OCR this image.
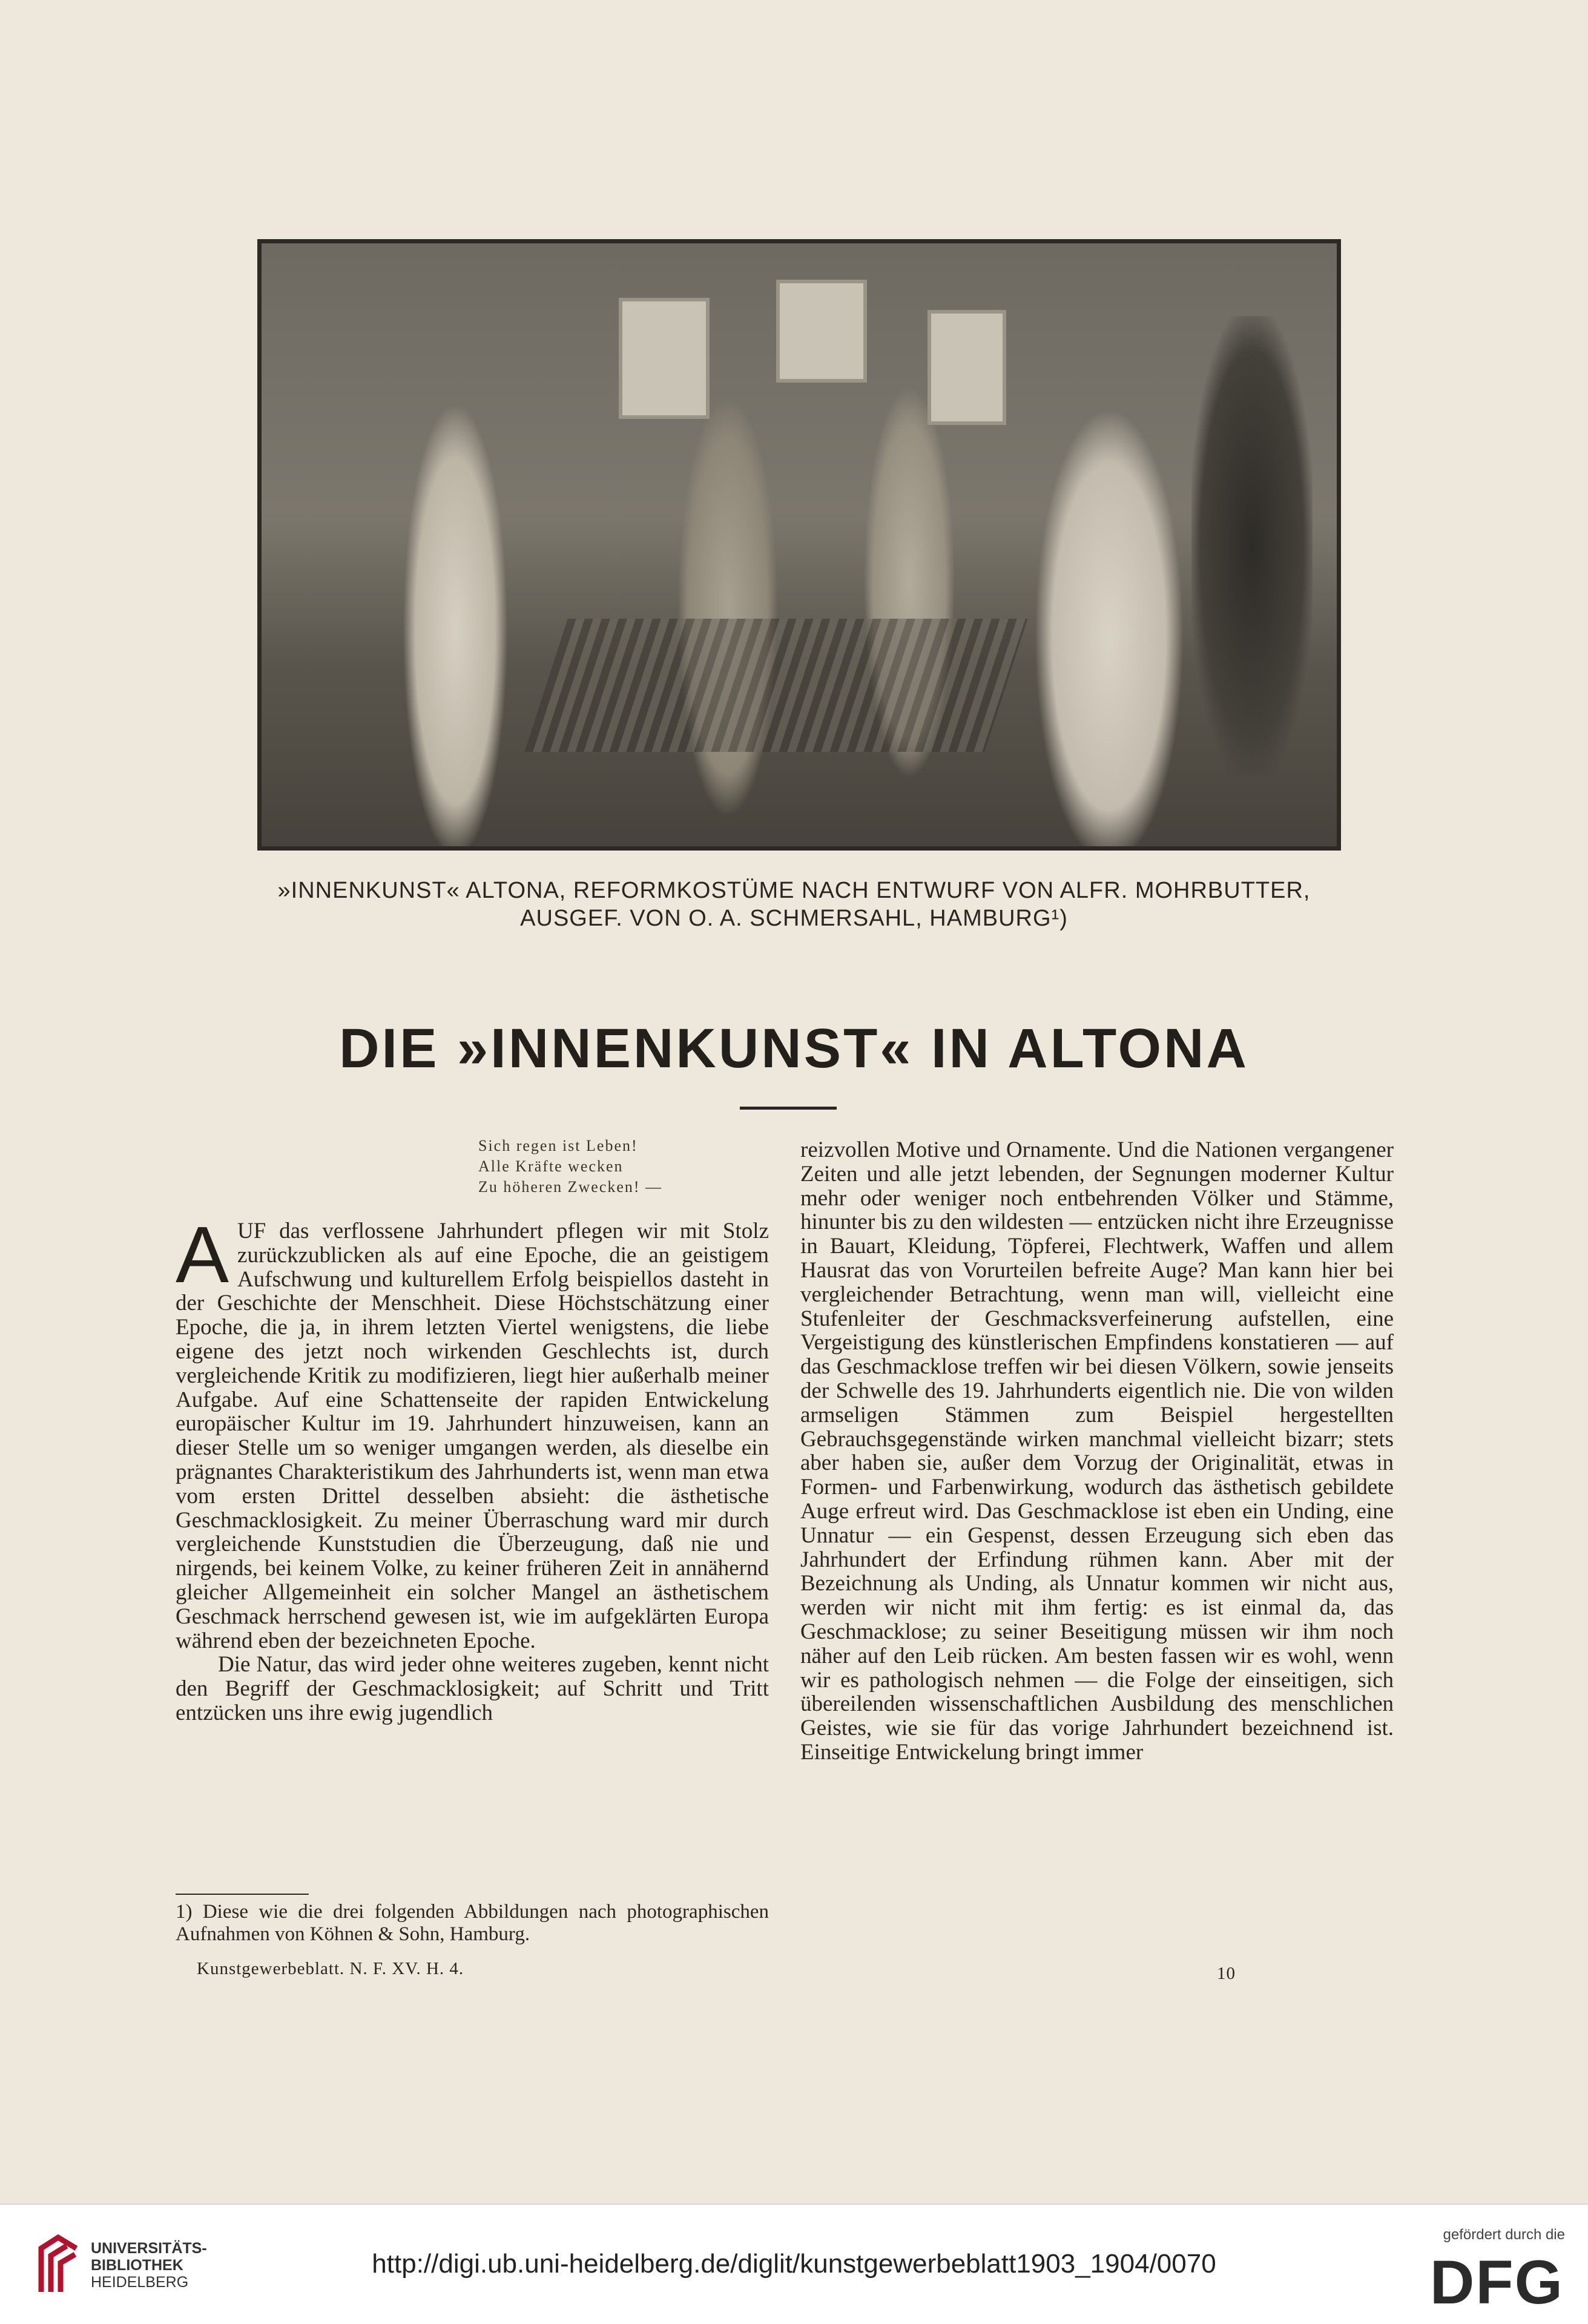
»INNENKUNST« ALTONA, REFORMKOSTÜME NACH ENTWURF VON ALFR. MOHRBUTTER,
AUSGEF. VON O. A. SCHMERSAHL, HAMBURG¹)
DIE »INNENKUNST« IN ALTONA
Sich regen ist Leben!
Alle Kräfte wecken
Zu höheren Zwecken! —

AUF das verflossene Jahrhundert pflegen wir mit Stolz zurückzublicken als auf eine Epoche, die an geistigem Aufschwung und kulturellem Erfolg beispiellos dasteht in der Geschichte der Menschheit. Diese Höchstschätzung einer Epoche, die ja, in ihrem letzten Viertel wenigstens, die liebe eigene des jetzt noch wirkenden Geschlechts ist, durch vergleichende Kritik zu modifizieren, liegt hier außerhalb meiner Aufgabe. Auf eine Schattenseite der rapiden Entwickelung europäischer Kultur im 19. Jahrhundert hinzuweisen, kann an dieser Stelle um so weniger umgangen werden, als dieselbe ein prägnantes Charakteristikum des Jahrhunderts ist, wenn man etwa vom ersten Drittel desselben absieht: die ästhetische Geschmacklosigkeit. Zu meiner Überraschung ward mir durch vergleichende Kunststudien die Überzeugung, daß nie und nirgends, bei keinem Volke, zu keiner früheren Zeit in annähernd gleicher Allgemeinheit ein solcher Mangel an ästhetischem Geschmack herrschend gewesen ist, wie im aufgeklärten Europa während eben der bezeichneten Epoche.

Die Natur, das wird jeder ohne weiteres zugeben, kennt nicht den Begriff der Geschmacklosigkeit; auf Schritt und Tritt entzücken uns ihre ewig jugendlich

reizvollen Motive und Ornamente. Und die Nationen vergangener Zeiten und alle jetzt lebenden, der Segnungen moderner Kultur mehr oder weniger noch entbehrenden Völker und Stämme, hinunter bis zu den wildesten — entzücken nicht ihre Erzeugnisse in Bauart, Kleidung, Töpferei, Flechtwerk, Waffen und allem Hausrat das von Vorurteilen befreite Auge? Man kann hier bei vergleichender Betrachtung, wenn man will, vielleicht eine Stufenleiter der Geschmacksverfeinerung aufstellen, eine Vergeistigung des künstlerischen Empfindens konstatieren — auf das Geschmacklose treffen wir bei diesen Völkern, sowie jenseits der Schwelle des 19. Jahrhunderts eigentlich nie. Die von wilden armseligen Stämmen zum Beispiel hergestellten Gebrauchsgegenstände wirken manchmal vielleicht bizarr; stets aber haben sie, außer dem Vorzug der Originalität, etwas in Formen- und Farbenwirkung, wodurch das ästhetisch gebildete Auge erfreut wird. Das Geschmacklose ist eben ein Unding, eine Unnatur — ein Gespenst, dessen Erzeugung sich eben das Jahrhundert der Erfindung rühmen kann. Aber mit der Bezeichnung als Unding, als Unnatur kommen wir nicht aus, werden wir nicht mit ihm fertig: es ist einmal da, das Geschmacklose; zu seiner Beseitigung müssen wir ihm noch näher auf den Leib rücken. Am besten fassen wir es wohl, wenn wir es pathologisch nehmen — die Folge der einseitigen, sich übereilenden wissenschaftlichen Ausbildung des menschlichen Geistes, wie sie für das vorige Jahrhundert bezeichnend ist. Einseitige Entwickelung bringt immer

1) Diese wie die drei folgenden Abbildungen nach photographischen Aufnahmen von Köhnen & Sohn, Hamburg.
Kunstgewerbeblatt. N. F. XV. H. 4.	10
UNIVERSITÄTS-
BIBLIOTHEK
HEIDELBERG
http://digi.ub.uni-heidelberg.de/diglit/kunstgewerbeblatt1903_1904/0070
gefördert durch die
DFG
